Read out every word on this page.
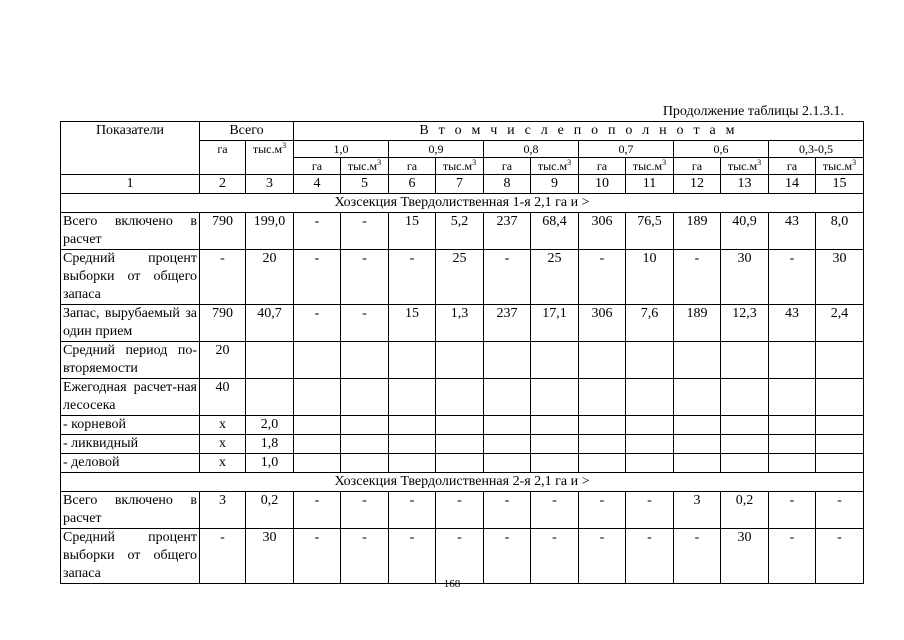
Продолжение таблицы 2.1.3.1.
Показатели	Всего		В т о м ч и с л е п о п о л н о т а м											
	га	$тыс.м^3$	1,0		0,9		0,8		0,7		0,6		0,3-0,5	
			га	$тыс.м^3$	га	$тыс.м^3$	га	$тыс.м^3$	га	$тыс.м^3$	га	$тыс.м^3$	га	$тыс.м^3$
1	2	3	4	5	6	7	8	9	10	11	12	13	14	15
Хозсекция Твердолиственная 1-я 2,1 га и >														
Всего включено в расчет	790	199,0	-	-	15	5,2	237	68,4	306	76,5	189	40,9	43	8,0
Средний процент выборки от общего запаса	-	20	-	-	-	25	-	25	-	10	-	30	-	30
Запас, вырубаемый за один прием	790	40,7	-	-	15	1,3	237	17,1	306	7,6	189	12,3	43	2,4
Средний период по-вторяемости	20													
Ежегодная расчет-ная лесосека	40													
- корневой	x	2,0												
- ликвидный	x	1,8												
- деловой	x	1,0												
Хозсекция Твердолиственная 2-я 2,1 га и >														
Всего включено в расчет	3	0,2	-	-	-	-	-	-	-	-	3	0,2	-	-
Средний процент выборки от общего запаса	-	30	-	-	-	-	-	-	-	-	-	30	-	-
168
